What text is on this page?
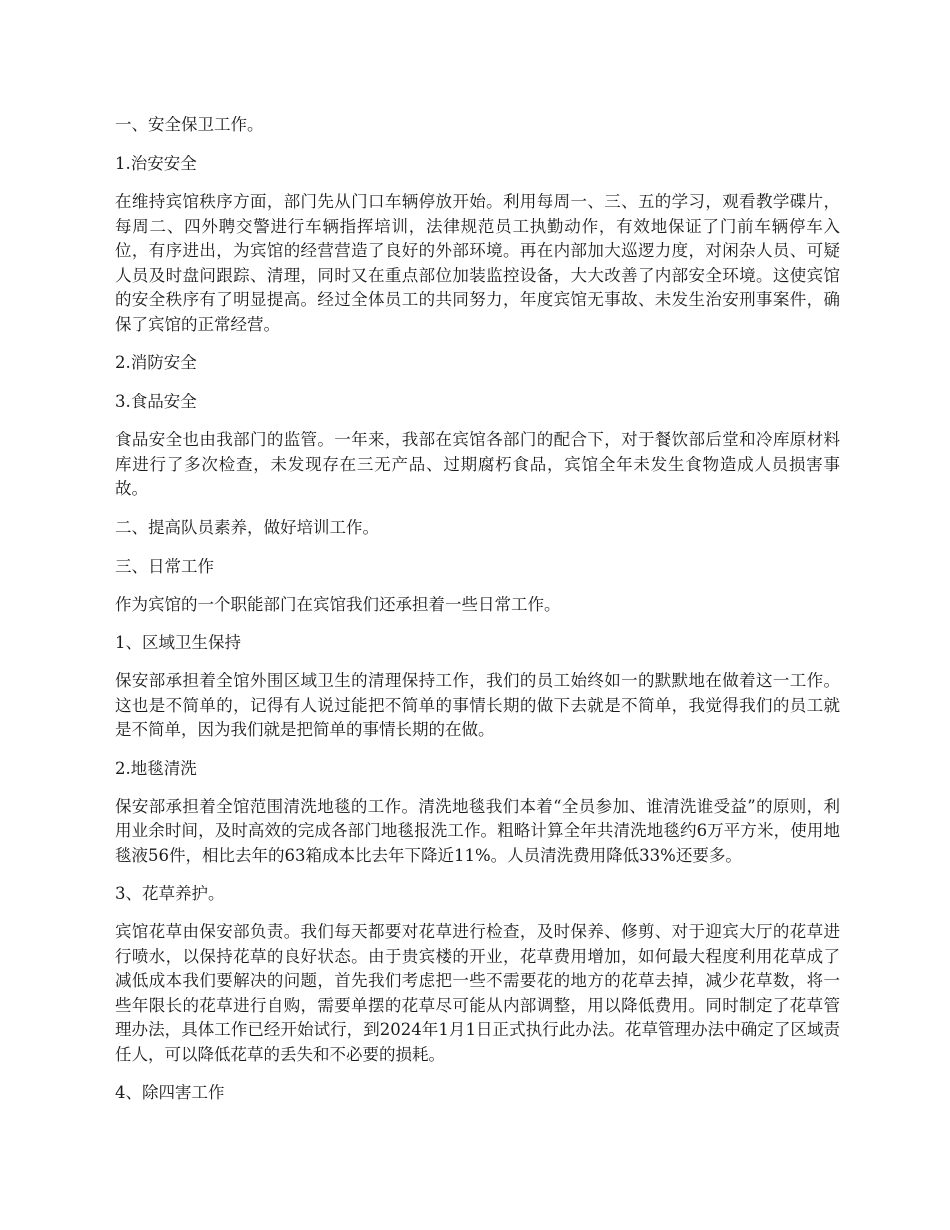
一、安全保卫工作。
1.治安安全
在维持宾馆秩序方面，部门先从门口车辆停放开始。利用每周一、三、五的学习，观看教学碟片，每周二、四外聘交警进行车辆指挥培训，法律规范员工执勤动作，有效地保证了门前车辆停车入位，有序进出，为宾馆的经营营造了良好的外部环境。再在内部加大巡逻力度，对闲杂人员、可疑人员及时盘问跟踪、清理，同时又在重点部位加装监控设备，大大改善了内部安全环境。这使宾馆的安全秩序有了明显提高。经过全体员工的共同努力，年度宾馆无事故、未发生治安刑事案件，确保了宾馆的正常经营。
2.消防安全
3.食品安全
食品安全也由我部门的监管。一年来，我部在宾馆各部门的配合下，对于餐饮部后堂和冷库原材料库进行了多次检查，未发现存在三无产品、过期腐朽食品，宾馆全年未发生食物造成人员损害事故。
二、提高队员素养，做好培训工作。
三、日常工作
作为宾馆的一个职能部门在宾馆我们还承担着一些日常工作。
1、区域卫生保持
保安部承担着全馆外围区域卫生的清理保持工作，我们的员工始终如一的默默地在做着这一工作。这也是不简单的，记得有人说过能把不简单的事情长期的做下去就是不简单，我觉得我们的员工就是不简单，因为我们就是把简单的事情长期的在做。
2.地毯清洗
保安部承担着全馆范围清洗地毯的工作。清洗地毯我们本着“全员参加、谁清洗谁受益”的原则，利用业余时间，及时高效的完成各部门地毯报洗工作。粗略计算全年共清洗地毯约6万平方米，使用地毯液56件，相比去年的63箱成本比去年下降近11%。人员清洗费用降低33%还要多。
3、花草养护。
宾馆花草由保安部负责。我们每天都要对花草进行检查，及时保养、修剪、对于迎宾大厅的花草进行喷水，以保持花草的良好状态。由于贵宾楼的开业，花草费用增加，如何最大程度利用花草成了减低成本我们要解决的问题，首先我们考虑把一些不需要花的地方的花草去掉，减少花草数，将一些年限长的花草进行自购，需要单摆的花草尽可能从内部调整，用以降低费用。同时制定了花草管理办法，具体工作已经开始试行，到2024年1月1日正式执行此办法。花草管理办法中确定了区域责任人，可以降低花草的丢失和不必要的损耗。
4、除四害工作
